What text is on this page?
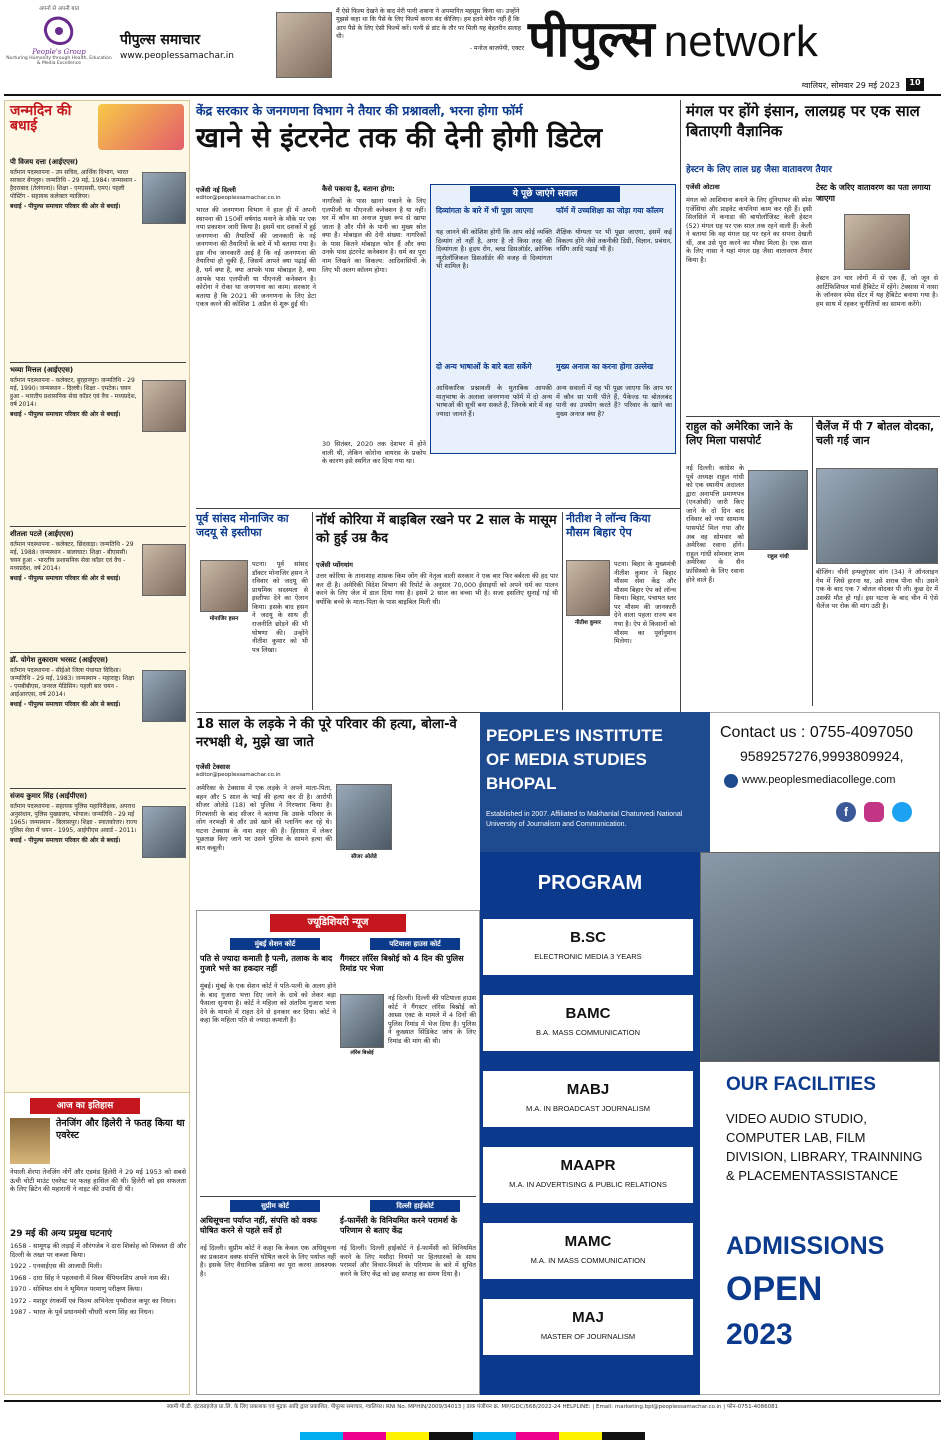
अपनों से अपनी बात
People's Group
Nurturing Humanity through Health, Education & Media Excellence
पीपुल्स समाचार
www.peoplessamachar.in
मैं ऐसे फिल्म देखने के बाद मेरी पत्नी शबाना ने अपमानित महसूस किया था। उन्होंने मुझसे कहा था कि पैसे के लिए फिल्में करना बंद कीजिए। हम इतने बेचैन नहीं हैं कि आप पैसे के लिए ऐसी फिल्में करें। पत्नी से डांट के तौर पर मिली यह बेहतरीन सलाह थी।
- मनोज बाजपेयी, एक्टर पीपुल्स network
ग्वालियर, सोमवार 29 मई 2023	10
जन्मदिन की बधाई
पी विजय दत्ता (आईएएस)
वर्तमान पदस्थापना - उप सचिव, आर्थिक विभाग, भारत सरकार बेंगलुरु। जन्मतिथि - 29 मई, 1984। जन्मस्थान - हैदराबाद (तेलंगाना)। शिक्षा - एमएससी, एमए। पहली पोस्टिंग - सहायक कलेक्टर ग्वालियर।
बधाई - पीपुल्स समाचार परिवार की ओर से बधाई।
भव्या मित्तल (आईएएस)
वर्तमान पदस्थापना - कलेक्टर, बुरहानपुर। जन्मतिथि - 29 मई, 1990। जन्मस्थान - दिल्ली। शिक्षा - एमटेक। चयन हुआ - भारतीय प्रशासनिक सेवा कॉडर एवं वैच - मध्यप्रदेश, वर्ष 2014।
बधाई - पीपुल्स समाचार परिवार की ओर से बधाई।
शीतला पटले (आईएएस)
वर्तमान पदस्थापना - कलेक्टर, छिंदवाड़ा। जन्मतिथि - 29 मई, 1988। जन्मस्थान - बालाघाट। शिक्षा - बीएससी। चयन हुआ - भारतीय प्रशासनिक सेवा कॉडर एवं वैच - मध्यप्रदेश, वर्ष 2014।
बधाई - पीपुल्स समाचार परिवार की ओर से बधाई।
डॉ. योगेश तुकाराम भरसट (आईएएस)
वर्तमान पदस्थापना - सीईओ जिला पंचायत विदिशा। जन्मतिथि - 29 मई, 1983। जन्मस्थान - महाराष्ट्र। शिक्षा - एमबीबीएस, जनरल मेडिसिन। पहली बार चयन - आईआरएस, वर्ष 2014।
बधाई - पीपुल्स समाचार परिवार की ओर से बधाई।
संजय कुमार सिंह (आईपीएस)
वर्तमान पदस्थापना - सहायक पुलिस महानिरीक्षक, अपराध अनुसंधान, पुलिस मुख्यालय, भोपाल। जन्मतिथि - 29 मई 1965। जन्मस्थान - बिलासपुर। शिक्षा - स्नातकोत्तर। राज्य पुलिस सेवा में चयन - 1995, आईपीएस अवार्ड - 2011।
बधाई - पीपुल्स समाचार परिवार की ओर से बधाई।
आज का इतिहास
तेनजिंग और हिलेरी ने फतह किया था एवरेस्ट
नेपाली शेरपा तेनजिंग नोर्गे और एडमंड हिलेरी ने 29 मई 1953 को सबसे ऊंची चोटी माउंट एवरेस्ट पर फतह हासिल की थी। हिलेरी को इस सफलता के लिए ब्रिटेन की महारानी ने नाइट की उपाधि दी थी।
29 मई की अन्य प्रमुख घटनाएं
1658 - सामूगढ़ की लड़ाई में औरंगजेब ने दारा शिकोह को शिकस्त दी और दिल्ली के तख्त पर कब्जा किया।
1922 - एनवाईएस की आजादी मिली।
1968 - दारा सिंह ने पहलवानी में विश्व चैंपियनशिप अपने नाम की।
1970 - सोवियत संघ ने भूमिगत परमाणु परीक्षण किया।
1972 - मशहूर रंगकर्मी एवं फिल्म अभिनेता पृथ्वीराज कपूर का निधन।
1987 - भारत के पूर्व प्रधानमंत्री चौधरी चरण सिंह का निधन।
केंद्र सरकार के जनगणना विभाग ने तैयार की प्रश्नावली, भरना होगा फॉर्म
खाने से इंटरनेट तक की देनी होगी डिटेल
एजेंसी नई दिल्ली
editor@peoplessamachar.co.in
भारत की जनगणना विभाग ने हाल ही में अपनी स्थापना की 150वीं वर्षगांठ मनाने के मौके पर एक नया प्रकाशन जारी किया है। इसमें चार दशकों में हुई जनगणना की तैयारियों की जानकारी के नई जनगणना की तैयारियों के बारे में भी बताया गया है। इस नीच जानकारी आई है कि नई जनगणना की तैयारियां हो चुकी हैं, जिसमें आपने क्या पढ़ाई की है, घर्म क्या है, क्या आपके पास मोबाइल है, क्या आपके पास एलपीजी या पीएनजी कनेक्शन है। कोरोना ने रोका था जनगणना का काम। सरकार ने बताया है कि 2021 की जनगणना के लिए डेटा एकत्र करने की कोशिश 1 अप्रैल से शुरू हुई थी।
कैसे पकाया है, बताना होगा:
नागरिकों के पास खाना पकाने के लिए एलपीजी या पीएनजी कनेक्शन है या नहीं। घर में कौन सा अनाज मुख्य रूप से खाया जाता है और पीने के पानी का मुख्य स्रोत क्या है। मोबाइल की देनी संख्या: नागरिकों के पास कितने मोबाइल फोन हैं और क्या उनके पास इंटरनेट कनेक्शन है। धर्म का पूरा नाम लिखने का विकल्प: आदिवासियों के लिए भी अलग कॉलम होगा।
30 सितंबर, 2020 तक देशभर में होने वाली थी, लेकिन कोरोना वायरस के प्रकोप के कारण इसे स्थगित कर दिया गया था।
ये पूछे जाएंगे सवाल
दिव्यांगता के बारे में भी पूछा जाएगा
यह जानने की कोशिश होगी कि आप कोई व्यक्ति दिव्यांग तो नहीं है, अगर है तो किस तरह की दिव्यांगता है। हृदय रोग, ब्लड डिसऑर्डर, क्रोनिक न्यूरोलॉजिकल डिसऑर्डर की वजह से दिव्यांगता भी शामिल है।
फॉर्म में उच्चशिक्षा का जोड़ा गया कॉलम
शैक्षिक योग्यता पर भी पूछा जाएगा, इसमें कई विकल्प होंगे जैसे तकनीकी डिग्री, विज्ञान, प्रबंधन, नर्सिंग आदि पढ़ाई भी है।
दो अन्य भाषाओं के बारे बता सकेंगे
आधिकारिक प्रश्नावली के मुताबिक आपकी मातृभाषा के अलावा जनगणना फॉर्म में दो अन्य भाषाओं की सूची बना सकते हैं, जिनके बारे में वह ज्यादा जानते हैं।
मुख्य अनाज का करना होगा उल्लेख
अन्य सवालों में यह भी पूछा जाएगा कि आप घर में कौन सा पानी पीते हैं, पैकेज्ड या बोतलबंद पानी का उपयोग करते हैं? परिवार के खाने का मुख्य अनाज क्या है?
मंगल पर होंगे इंसान, लालग्रह पर एक साल बिताएगी वैज्ञानिक
हेस्टन के लिए लाल ग्रह जैसा वातावरण तैयार
एजेंसी ओटावा
मंगल को आशियाना बनाने के लिए दुनियाभर की स्पेस एजेंसियां और प्राइवेट कंपनियां काम कर रही हैं। इसी सिलसिले में कनाडा की बायोलॉजिस्ट केली हेस्टन (52) मंगल ग्रह पर एक साल तक रहने वाली हैं। केली ने बताया कि वह मंगल ग्रह पर रहने का सपना देखती थीं, अब उसे पूरा करने का मौका मिला है। एक साल के लिए नासा ने यहां मंगल ग्रह जैसा वातावरण तैयार किया है।
टेस्ट के जरिए वातावरण का पता लगाया जाएगा
हेस्टन उन चार लोगों में से एक हैं, जो जून से आर्टिफिशियल मार्स हैबिटेट में रहेंगे। टेक्सास में नासा के जॉनसन स्पेस सेंटर में यह हैबिटेट बनाया गया है। हम साथ में रहकर चुनौतियों का सामना करेंगे।
राहुल को अमेरिका जाने के लिए मिला पासपोर्ट
राहुल गांधी
नई दिल्ली। कांग्रेस के पूर्व अध्यक्ष राहुल गांधी को एक स्थानीय अदालत द्वारा अनापत्ति प्रमाणपत्र (एनओसी) जारी किए जाने के दो दिन बाद रविवार को नया सामान्य पासपोर्ट मिल गया और अब वह सोमवार को अमेरिका रवाना होंगे। राहुल गांधी सोमवार शाम अमेरिका के सैन फ्रांसिस्को के लिए रवाना होने वाले हैं।
चैलेंज में पी 7 बोतल वोदका, चली गई जान
बीजिंग। चीनी इन्फ्लुएंसर वांग (34) ने ऑनलाइन गेम में जिसे हारना था, उसे शराब पीना थी। उसने एक के बाद एक 7 बोतल वोदका पी ली। कुछ देर में उसकी मौत हो गई। इस घटना के बाद चीन में ऐसे चैलेंज पर रोक की मांग उठी है।
पूर्व सांसद मोनाजिर का जदयू से इस्तीफा
मोनाजिर हसन
पटना। पूर्व सांसद डॉक्टर मोनाजिर हसन ने रविवार को जदयू की प्राथमिक सदस्यता से इस्तीफा देने का ऐलान किया। इसके बाद हसन ने जदयू के साथ ही राजनीति छोड़ने की भी घोषणा की। उन्होंने नीतीश कुमार को भी पत्र लिखा।
नॉर्थ कोरिया में बाइबिल रखने पर 2 साल के मासूम को हुई उम्र कैद
एजेंसी प्योंगयांग
उत्तर कोरिया के तानाशाह शासक किम जोंग की नेतृत्व वाली सरकार ने एक बार फिर बर्बरता की हद पार कर दी है। अमेरिकी विदेश विभाग की रिपोर्ट के अनुसार 70,000 ईसाइयों को अपने धर्म का पालन करने के लिए जेल में डाल दिया गया है। इसमें 2 साल का बच्चा भी है। सजा इसलिए सुनाई गई थी क्योंकि बच्चे के माता-पिता के पास बाइबिल मिली थी।
नीतीश ने लॉन्च किया मौसम बिहार ऐप
नीतीश कुमार
पटना। बिहार के मुख्यमंत्री नीतीश कुमार ने बिहार मौसम सेवा केंद्र और मौसम बिहार ऐप को लॉन्च किया। बिहार, पंचायत स्तर पर मौसम की जानकारी देने वाला पहला राज्य बन गया है। ऐप से किसानों को मौसम का पूर्वानुमान मिलेगा।
18 साल के लड़के ने की पूरे परिवार की हत्या, बोला-वे नरभक्षी थे, मुझे खा जाते
एजेंसी टेक्सास
editor@peoplessamachar.co.in
अमेरिका के टेक्सास में एक लड़के ने अपने माता-पिता, बहन और 5 साल के भाई की हत्या कर दी है। आरोपी सीजर ओलेडे (18) को पुलिस ने गिरफ्तार किया है। गिरफ्तारी के बाद सीजर ने बताया कि उसके परिवार के लोग नरभक्षी थे और उसे खाने की प्लानिंग कर रहे थे। घटना टेक्सास के नाश शहर की है। हिरासत में लेकर पूछताछ किए जाने पर उसने पुलिस के सामने हत्या की बात कबूली।
सीजर ओलेडे
ज्यूडिशियरी न्यूज
मुंबई सेशन कोर्ट
पति से ज्यादा कमाती है पत्नी, तलाक के बाद गुजारे भत्ते का हकदार नहीं
मुंबई। मुंबई के एक सेशन कोर्ट ने पति-पत्नी के अलग होने के बाद गुजारा भत्ता दिए जाने के दावे को लेकर बड़ा फैसला सुनाया है। कोर्ट ने महिला को अंतरिम गुजारा भत्ता देने के मामले में राहत देने से इनकार कर दिया। कोर्ट ने कहा कि महिला पति से ज्यादा कमाती है।
पटियाला हाउस कोर्ट
गैंगस्टर लॉरेंस बिश्नोई को 4 दिन की पुलिस रिमांड पर भेजा
लॉरेंस बिश्नोई
नई दिल्ली। दिल्ली की पटियाला हाउस कोर्ट ने गैंगस्टर लॉरेंस बिश्नोई को आम्र्स एक्ट के मामले में 4 दिनों की पुलिस रिमांड में भेज दिया है। पुलिस ने कुख्यात सिंडिकेट जांच के लिए रिमांड की मांग की थी।
सुप्रीम कोर्ट
अधिसूचना पर्याप्त नहीं, संपत्ति को वक्फ घोषित करने से पहले सर्वे हो
नई दिल्ली। सुप्रीम कोर्ट ने कहा कि केवल एक अधिसूचना का प्रकाशन वक्फ संपत्ति घोषित करने के लिए पर्याप्त नहीं है। इसके लिए वैधानिक प्रक्रिया का पूरा करना आवश्यक है।
दिल्ली हाईकोर्ट
ई-फार्मेसी के विनियमित करने परामर्श के परिणाम से बताए केंद्र
नई दिल्ली। दिल्ली हाईकोर्ट ने ई-फार्मेसी को विनियमित करने के लिए मसौदा नियमों पर हितधारकों के साथ परामर्श और विचार-विमर्श के परिणाम के बारे में सूचित करने के लिए केंद्र को छह सप्ताह का समय दिया है।
PEOPLE'S INSTITUTE
OF MEDIA STUDIES
BHOPAL
Established in 2007. Affiliated to Makhanlal Chaturvedi National University of Journalism and Communication.
Contact us : 0755-4097050
9589257276,9993809924,
www.peoplesmediacollege.com
f
PROGRAM
B.SC
ELECTRONIC MEDIA 3 YEARS
BAMC
B.A. MASS COMMUNICATION
MABJ
M.A. IN BROADCAST JOURNALISM
MAAPR
M.A. IN ADVERTISING & PUBLIC RELATIONS
MAMC
M.A. IN MASS COMMUNICATION
MAJ
MASTER OF JOURNALISM
OUR FACILITIES
VIDEO AUDIO STUDIO, COMPUTER LAB, FILM DIVISION, LIBRARY, TRAINNING & PLACEMENTASSISTANCE
ADMISSIONS
OPEN
2023
स्वामी पी.डी. इंटरप्राइजेज़ प्रा.लि. के लिए प्रकाशक एवं मुद्रक आदि द्वारा प्रकाशित, पीपुल्स समाचार, ग्वालियर। RNI No. MPHIN/2009/34013 | डाक पंजीयन क्र. MP/GDC/568/2022-24 HELPLINE: | Email: marketing.bpl@peoplessamachar.co.in | फोन-0751-4086081
